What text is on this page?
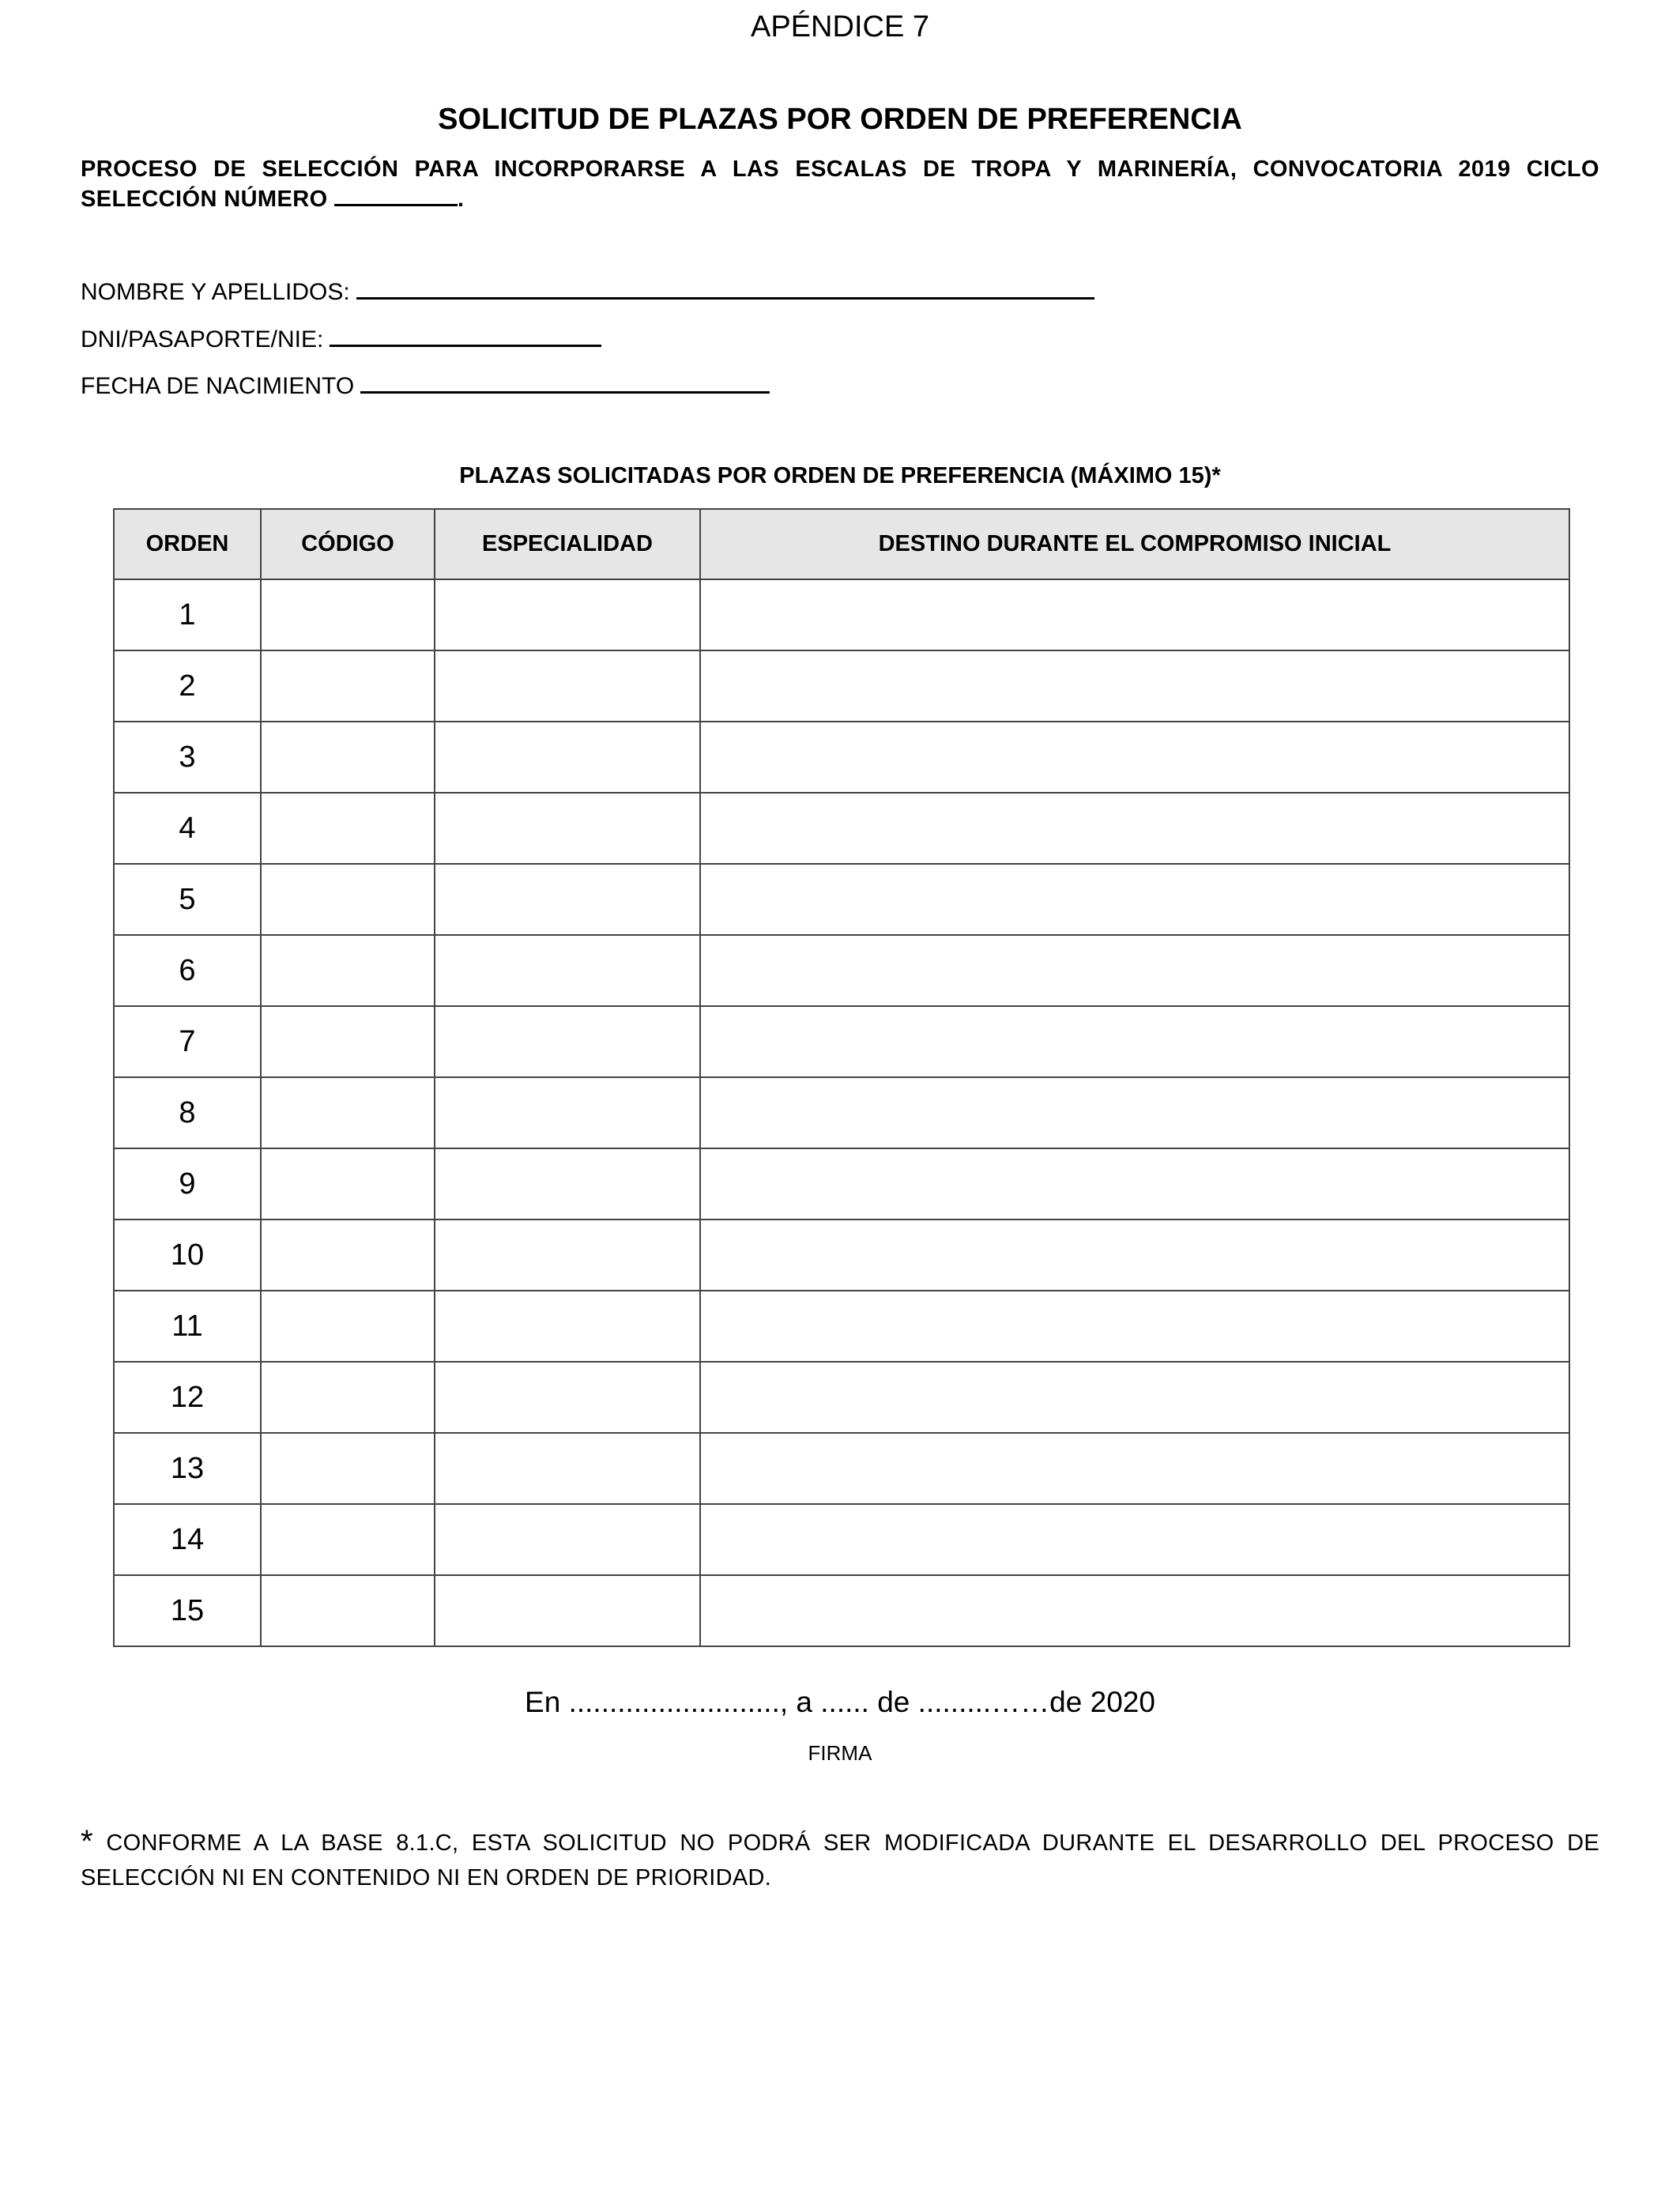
APÉNDICE 7
SOLICITUD DE PLAZAS POR ORDEN DE PREFERENCIA
PROCESO DE SELECCIÓN PARA INCORPORARSE A LAS ESCALAS DE TROPA Y MARINERÍA, CONVOCATORIA 2019 CICLO
SELECCIÓN NÚMERO	.
NOMBRE Y APELLIDOS:
DNI/PASAPORTE/NIE:
FECHA DE NACIMIENTO
PLAZAS SOLICITADAS POR ORDEN DE PREFERENCIA (MÁXIMO 15)*
ORDEN	CÓDIGO	ESPECIALIDAD	DESTINO DURANTE EL COMPROMISO INICIAL
1			
2			
3			
4			
5			
6			
7			
8			
9			
10			
11			
12			
13			
14			
15			
En .........................., a ...... de .........……de 2020
FIRMA
* CONFORME A LA BASE 8.1.C, ESTA SOLICITUD NO PODRÁ SER MODIFICADA DURANTE EL DESARROLLO DEL PROCESO DE SELECCIÓN NI EN CONTENIDO NI EN ORDEN DE PRIORIDAD.
